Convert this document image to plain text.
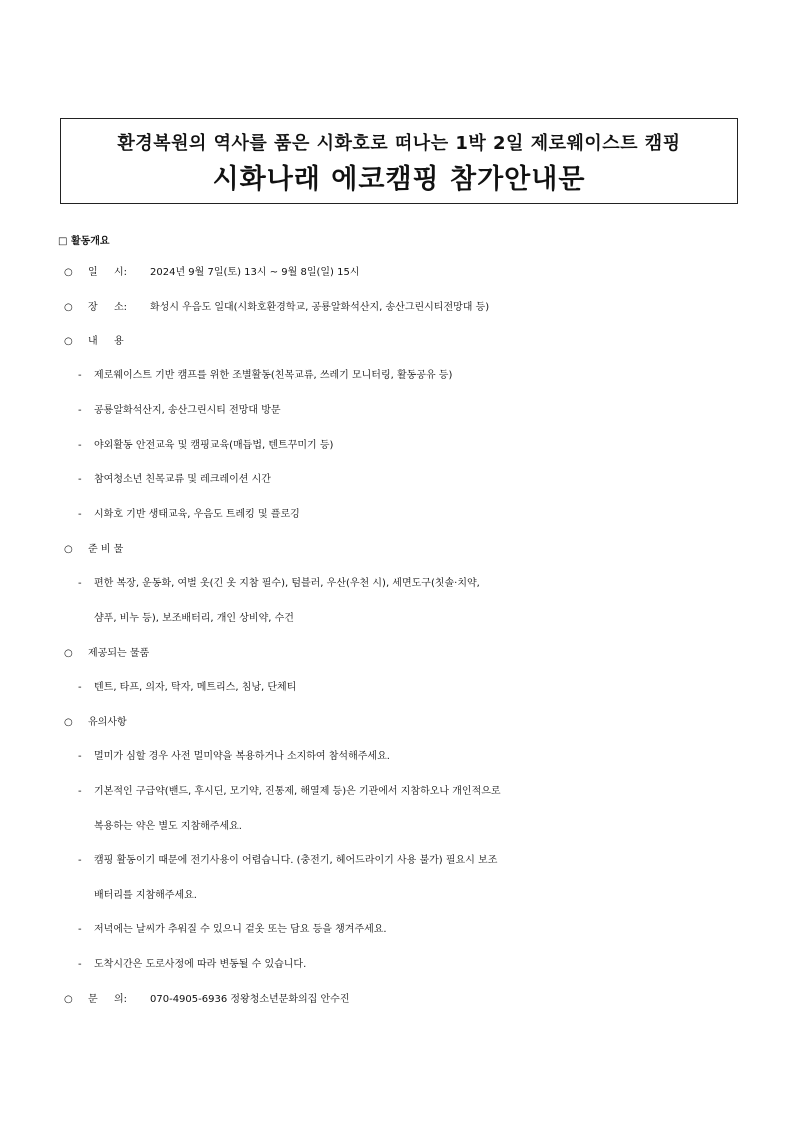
환경복원의 역사를 품은 시화호로 떠나는 1박 2일 제로웨이스트 캠핑
시화나래 에코캠핑 참가안내문
□ 활동개요
○ 일 　 시: 2024년 9월 7일(토) 13시 ~ 9월 8일(일) 15시
○ 장 　 소: 화성시 우음도 일대(시화호환경학교, 공룡알화석산지, 송산그린시티전망대 등)
○ 내 　 용
- 제로웨이스트 기반 캠프를 위한 조별활동(친목교류, 쓰레기 모니터링, 활동공유 등)
- 공룡알화석산지, 송산그린시티 전망대 방문
- 야외활동 안전교육 및 캠핑교육(매듭법, 텐트꾸미기 등)
- 참여청소년 친목교류 및 레크레이션 시간
- 시화호 기반 생태교육, 우음도 트레킹 및 플로깅
○ 준 비 물
- 편한 복장, 운동화, 여벌 옷(긴 옷 지참 필수), 텀블러, 우산(우천 시), 세면도구(칫솔·치약,
샴푸, 비누 등), 보조배터리, 개인 상비약, 수건
○ 제공되는 물품
- 텐트, 타프, 의자, 탁자, 메트리스, 침낭, 단체티
○ 유의사항
- 멀미가 심할 경우 사전 멀미약을 복용하거나 소지하여 참석해주세요.
- 기본적인 구급약(밴드, 후시딘, 모기약, 진통제, 해열제 등)은 기관에서 지참하오나 개인적으로
복용하는 약은 별도 지참해주세요.
- 캠핑 활동이기 때문에 전기사용이 어렵습니다. (충전기, 헤어드라이기 사용 불가) 필요시 보조
배터리를 지참해주세요.
- 저녁에는 날씨가 추워질 수 있으니 겉옷 또는 담요 등을 챙겨주세요.
- 도착시간은 도로사정에 따라 변동될 수 있습니다.
○ 문 　 의: 070-4905-6936 정왕청소년문화의집 안수진
